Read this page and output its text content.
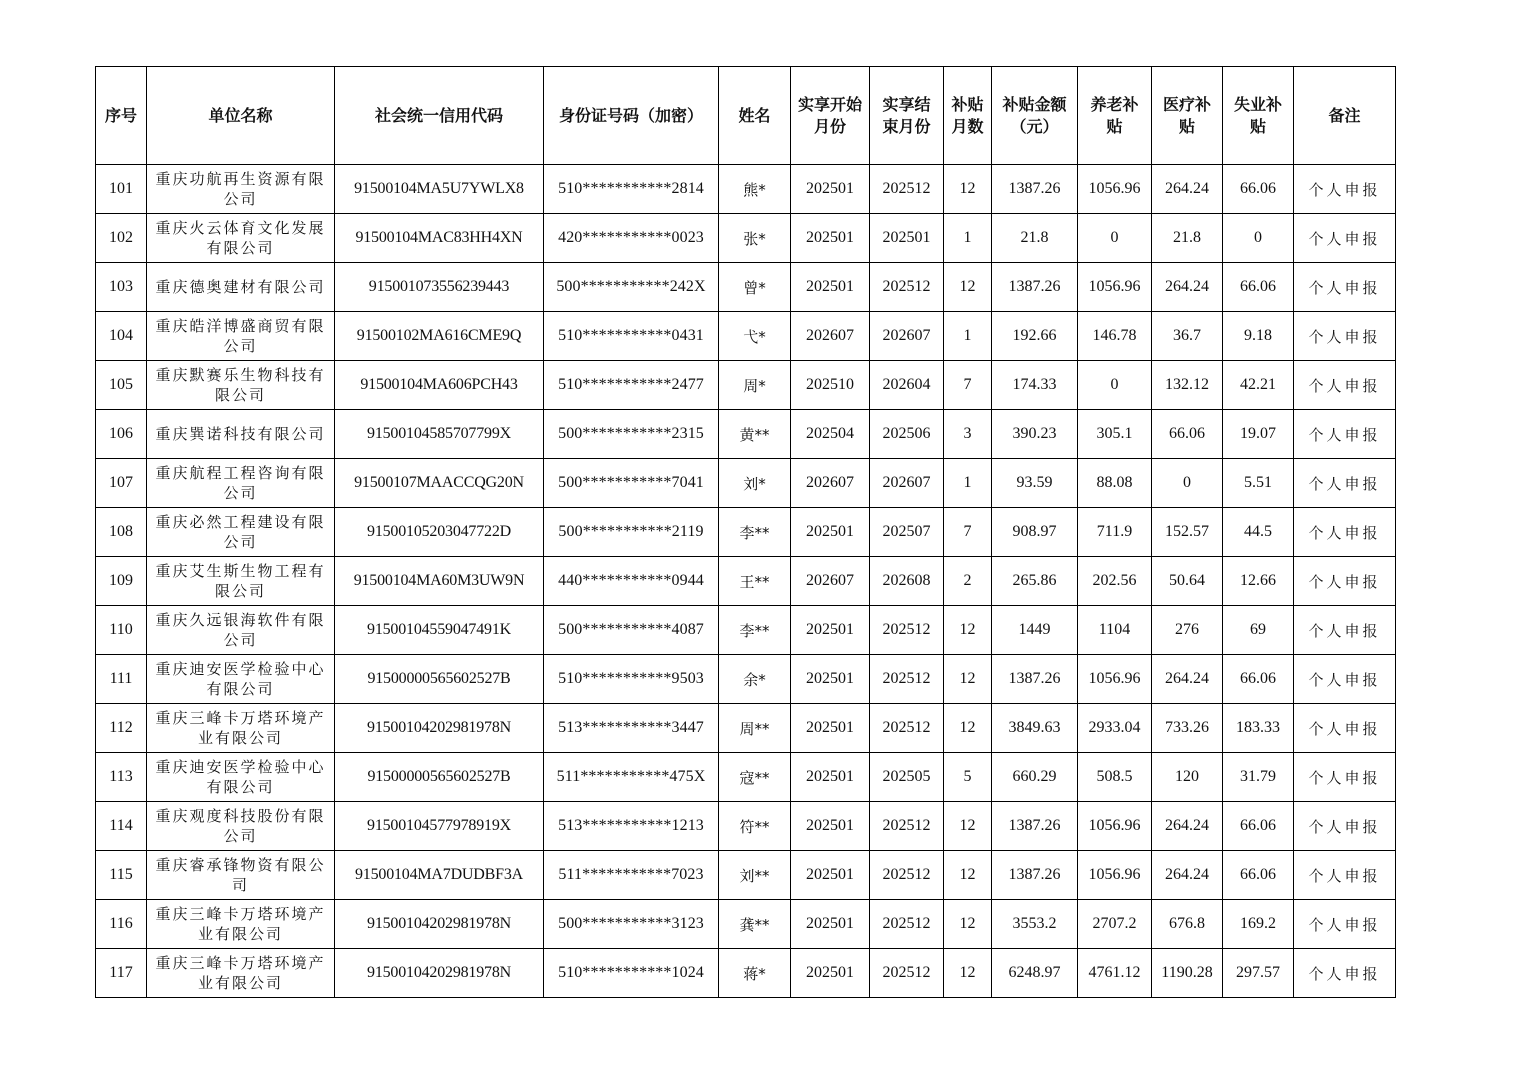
序号	单位名称	社会统一信用代码	身份证号码（加密）	姓名	实享开始月份	实享结束月份	补贴月数	补贴金额（元）	养老补贴	医疗补贴	失业补贴	备注
101	重庆功航再生资源有限公司	91500104MA5U7YWLX8	510***********2814	熊*	202501	202512	12	1387.26	1056.96	264.24	66.06	个人申报
102	重庆火云体育文化发展有限公司	91500104MAC83HH4XN	420***********0023	张*	202501	202501	1	21.8	0	21.8	0	个人申报
103	重庆德奥建材有限公司	915001073556239443	500***********242X	曾*	202501	202512	12	1387.26	1056.96	264.24	66.06	个人申报
104	重庆皓洋博盛商贸有限公司	91500102MA616CME9Q	510***********0431	弋*	202607	202607	1	192.66	146.78	36.7	9.18	个人申报
105	重庆默赛乐生物科技有限公司	91500104MA606PCH43	510***********2477	周*	202510	202604	7	174.33	0	132.12	42.21	个人申报
106	重庆巽诺科技有限公司	91500104585707799X	500***********2315	黄**	202504	202506	3	390.23	305.1	66.06	19.07	个人申报
107	重庆航程工程咨询有限公司	91500107MAACCQG20N	500***********7041	刘*	202607	202607	1	93.59	88.08	0	5.51	个人申报
108	重庆必然工程建设有限公司	91500105203047722D	500***********2119	李**	202501	202507	7	908.97	711.9	152.57	44.5	个人申报
109	重庆艾生斯生物工程有限公司	91500104MA60M3UW9N	440***********0944	王**	202607	202608	2	265.86	202.56	50.64	12.66	个人申报
110	重庆久远银海软件有限公司	91500104559047491K	500***********4087	李**	202501	202512	12	1449	1104	276	69	个人申报
111	重庆迪安医学检验中心有限公司	91500000565602527B	510***********9503	余*	202501	202512	12	1387.26	1056.96	264.24	66.06	个人申报
112	重庆三峰卡万塔环境产业有限公司	91500104202981978N	513***********3447	周**	202501	202512	12	3849.63	2933.04	733.26	183.33	个人申报
113	重庆迪安医学检验中心有限公司	91500000565602527B	511***********475X	寇**	202501	202505	5	660.29	508.5	120	31.79	个人申报
114	重庆观度科技股份有限公司	91500104577978919X	513***********1213	符**	202501	202512	12	1387.26	1056.96	264.24	66.06	个人申报
115	重庆睿承锋物资有限公司	91500104MA7DUDBF3A	511***********7023	刘**	202501	202512	12	1387.26	1056.96	264.24	66.06	个人申报
116	重庆三峰卡万塔环境产业有限公司	91500104202981978N	500***********3123	龚**	202501	202512	12	3553.2	2707.2	676.8	169.2	个人申报
117	重庆三峰卡万塔环境产业有限公司	91500104202981978N	510***********1024	蒋*	202501	202512	12	6248.97	4761.12	1190.28	297.57	个人申报
